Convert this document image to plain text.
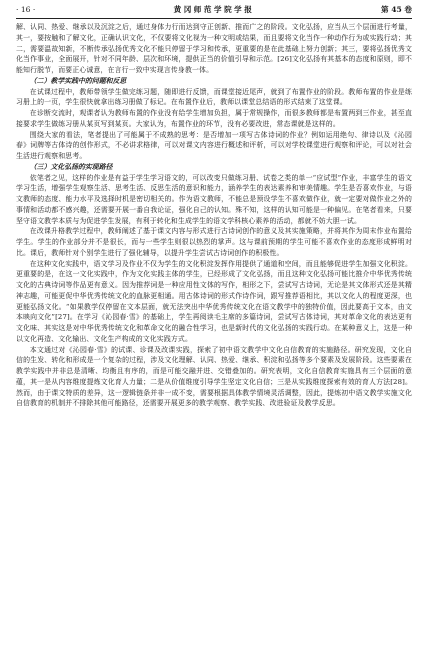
· 16 ·	黄冈师范学院学报	第 45 卷

解、认同、热爱、继承以及沉淀之后，通过身体力行而达到守正创新、推而广之的阶段。文化弘扬，应当从三个层面进行考量，其一，要按触和了解文化，正确认识文化，不仅要将文化视为一种文明或结果，而且要将文化当作一种动作行为或实践行动；其二，需要温故知新，不断传承弘扬优秀文化不能只停留于学习和传承，更重要的是在此基础上努力创新；其三，要将弘扬优秀文化当作事业，全面展开，针对不同年龄、层次和环境，提供正当的价值引导和示范。[26]文化弘扬有其基本的态度和原则，即不能知行脱节，而要正心诚意，在言行一致中实现言传身教一体。

（二）教学实践中的问题和反思

在试课过程中，教师带领学生做完练习题，随即进行反馈，而课堂接近尾声，就到了布置作业的阶段。教师布置的作业是练习册上的一页，学生很快就拿出练习册做了标记。在布置作业后，教师以课堂总结语的形式结束了这堂课。

在诊断交流时，观课者认为教师布置的作业没有给学生增加负担，属于常规操作，而很多教师都是布置两到三作业，甚至直接要求学生做练习册从某页写到某页。大家认为，布置作业的环节，没有必要改进，常态课就是这样的。

围绕大家的看法，笔者提出了可能属于不成熟的思考：是否增加一项写古体诗词的作业？例如运用绝句、律诗以及《沁园春》词牌等古体诗的创作形式，不必讲求格律，可以对课文内容进行概述和评析，可以对学校课堂进行观察和评论，可以对社会生活进行观察和思考。

（三）文化弘扬的实现路径

依笔者之见，这样的作业是有益于学生学习语文的，可以改变只做练习册、试卷之类的单一“应试型”作业，丰富学生的语文学习生活，增强学生观察生活、思考生活、反思生活的意识和能力，涵养学生的表达素养和审美情趣。学生是否喜欢作业，与语文教师的态度、能力水平及选择时机是密切相关的。作为语文教师，不能总是预设学生不喜欢做作业，就一定要对做作业之外的事情和活动都不感兴趣，还需要开展一番自我论证，强化自己的认知。殊不知，这样的认知可能是一种偏见。在笔者看来，只要坚守语文教学本质与为促进学生发展，有利于转化和生成学生的语文学科核心素养的活动，都就不妨大胆一试。

在改课升格教学过程中，教师阐述了基于课文内容与形式进行古诗词创作的意义及其实施策略，并将其作为周末作业布置给学生。学生的作业部分并不是很长，而与一些学生则很以热烈的掌声。这与课前预期的学生可能不喜欢作业的态度形成鲜明对比。课后，教师针对个别学生进行了强化辅导，以提升学生尝试古诗词创作的积极性。

在这种文化实践中，语文学习及作业不仅为学生的文化积淀发挥作用提供了通道和空间，而且能够促进学生加强文化积淀。更重要的是，在这一文化实践中，作为文化实践主体的学生，已经形成了文化弘扬，而且这种文化弘扬可能比推介中华优秀传统文化的古典诗词等作品更有意义。因为推荐词是一种应用性文体的写作，相形之下，尝试写古诗词，无论是其文体形式还是其精神志趣，可能更促中华优秀传统文化的血脉更相通。用古体诗词的形式作诗作词，跟写推荐语相比，其以文化人的程度更深，也更能弘扬文化。“如果教学仅停留在文本层面，就无法突出中华优秀传统文化在语文教学中的独特价值，因此要高于文本，由文本映向文化”[27]。在学习《沁园春·雪》的基础上，学生再阅读毛主席的多篇诗词，尝试写古体诗词，其对革命文化的表达更有文化味、其实这是对中华优秀传统文化和革命文化的融合性学习，也是新时代的文化弘扬的实践行动。在某种意义上，这是一种以文化再造、文化输出、文化生产构成的文化实践方式。

本文通过对《沁园春·雪》的试课、诊课及改课实践，探索了初中语文教学中文化自信教育的实施路径。研究发现，文化自信的生发、转化和形成是一个复杂的过程，涉及文化理解、认同、热爱、继承、积淀和弘扬等多个要素及发展阶段。这些要素在教学实践中并非总是清晰、均衡且有序的，而是可能交融并进、交错叠加的。研究表明，文化自信教育实施具有三个层面的意蕴，其一是从内容维度提炼文化育人力量；二是从价值维度引导学生坚定文化自信；三是从实践维度探索有效的育人方法[28]。然而，由于课文特质的差异，这一逻辑链条并非一成不变，需要根据具体教学情境灵活调整，因此，提炼初中语文教学实施文化自信教育的机制并不排除其他可能路径，还需要开展更多的教学观察、教学实践、改进验证及教学反思。
